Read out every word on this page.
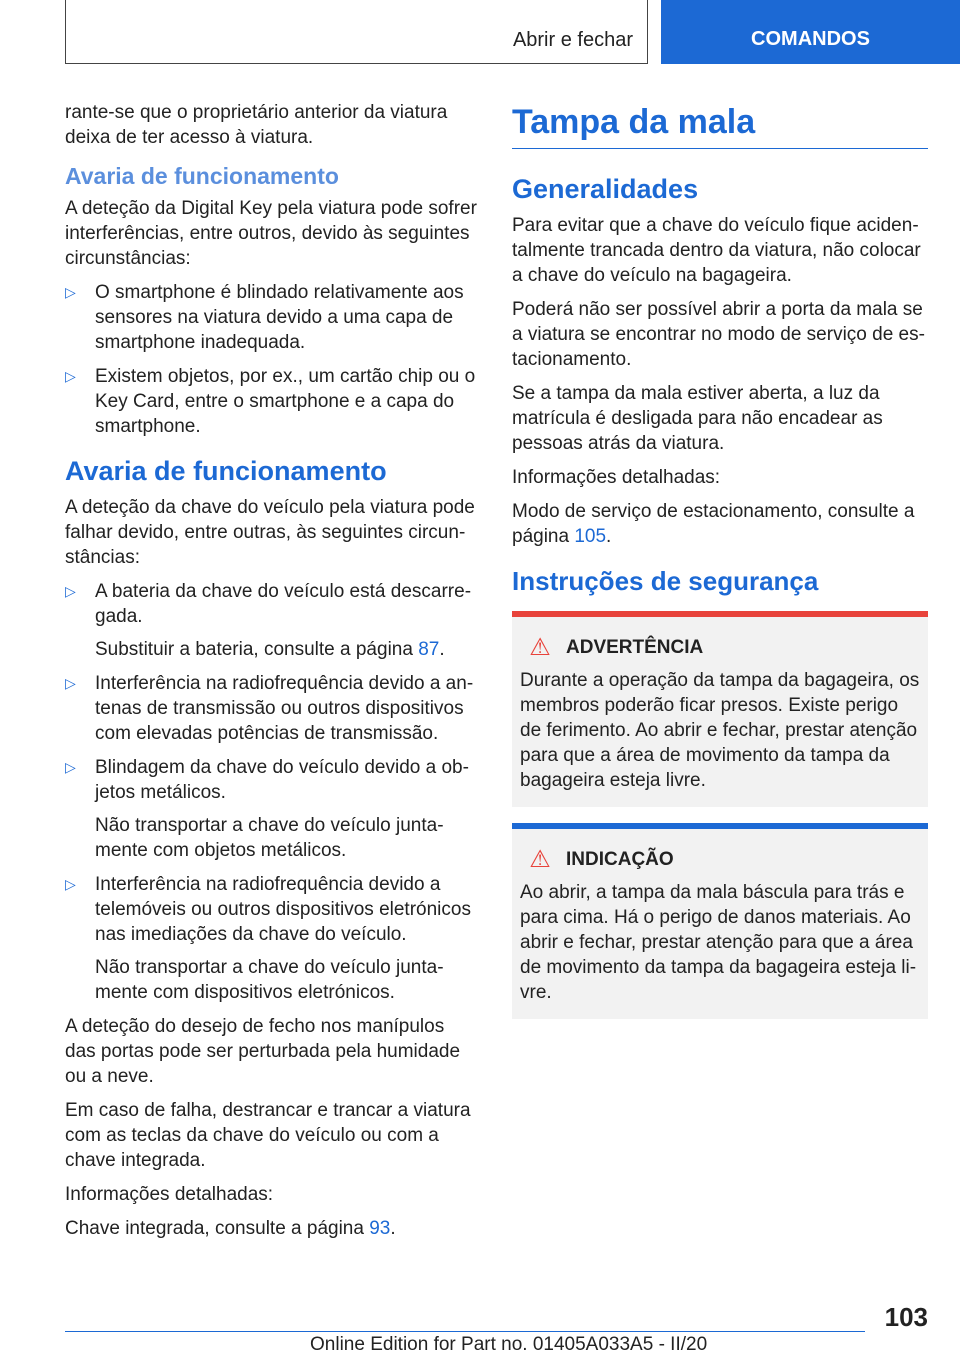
Abrir e fechar	COMANDOS

rante-se que o proprietário anterior da viatura deixa de ter acesso à viatura.

Avaria de funcionamento

A deteção da Digital Key pela viatura pode sofrer interferências, entre outros, devido às seguintes circunstâncias:

▷ O smartphone é blindado relativamente aos sensores na viatura devido a uma capa de smartphone inadequada.
▷ Existem objetos, por ex., um cartão chip ou o Key Card, entre o smartphone e a capa do smartphone.
Avaria de funcionamento

A deteção da chave do veículo pela viatura pode falhar devido, entre outras, às seguintes circunstâncias:

▷ A bateria da chave do veículo está descarregada.

Substituir a bateria, consulte a página 87.

▷ Interferência na radiofrequência devido a antenas de transmissão ou outros dispositivos com elevadas potências de transmissão.
▷ Blindagem da chave do veículo devido a objetos metálicos.

Não transportar a chave do veículo juntamente com objetos metálicos.

▷ Interferência na radiofrequência devido a telemóveis ou outros dispositivos eletrónicos nas imediações da chave do veículo.

Não transportar a chave do veículo juntamente com dispositivos eletrónicos.

A deteção do desejo de fecho nos manípulos das portas pode ser perturbada pela humidade ou a neve.

Em caso de falha, destrancar e trancar a viatura com as teclas da chave do veículo ou com a chave integrada.

Informações detalhadas:

Chave integrada, consulte a página 93.

Tampa da mala
Generalidades

Para evitar que a chave do veículo fique acidentalmente trancada dentro da viatura, não colocar a chave do veículo na bagageira.

Poderá não ser possível abrir a porta da mala se a viatura se encontrar no modo de serviço de estacionamento.

Se a tampa da mala estiver aberta, a luz da matrícula é desligada para não encadear as pessoas atrás da viatura.

Informações detalhadas:

Modo de serviço de estacionamento, consulte a página 105.

Instruções de segurança
⚠ ADVERTÊNCIA

Durante a operação da tampa da bagageira, os membros poderão ficar presos. Existe perigo de ferimento. Ao abrir e fechar, prestar atenção para que a área de movimento da tampa da bagageira esteja livre.

⚠ INDICAÇÃO

Ao abrir, a tampa da mala báscula para trás e para cima. Há o perigo de danos materiais. Ao abrir e fechar, prestar atenção para que a área de movimento da tampa da bagageira esteja livre.

103
Online Edition for Part no. 01405A033A5 - II/20
